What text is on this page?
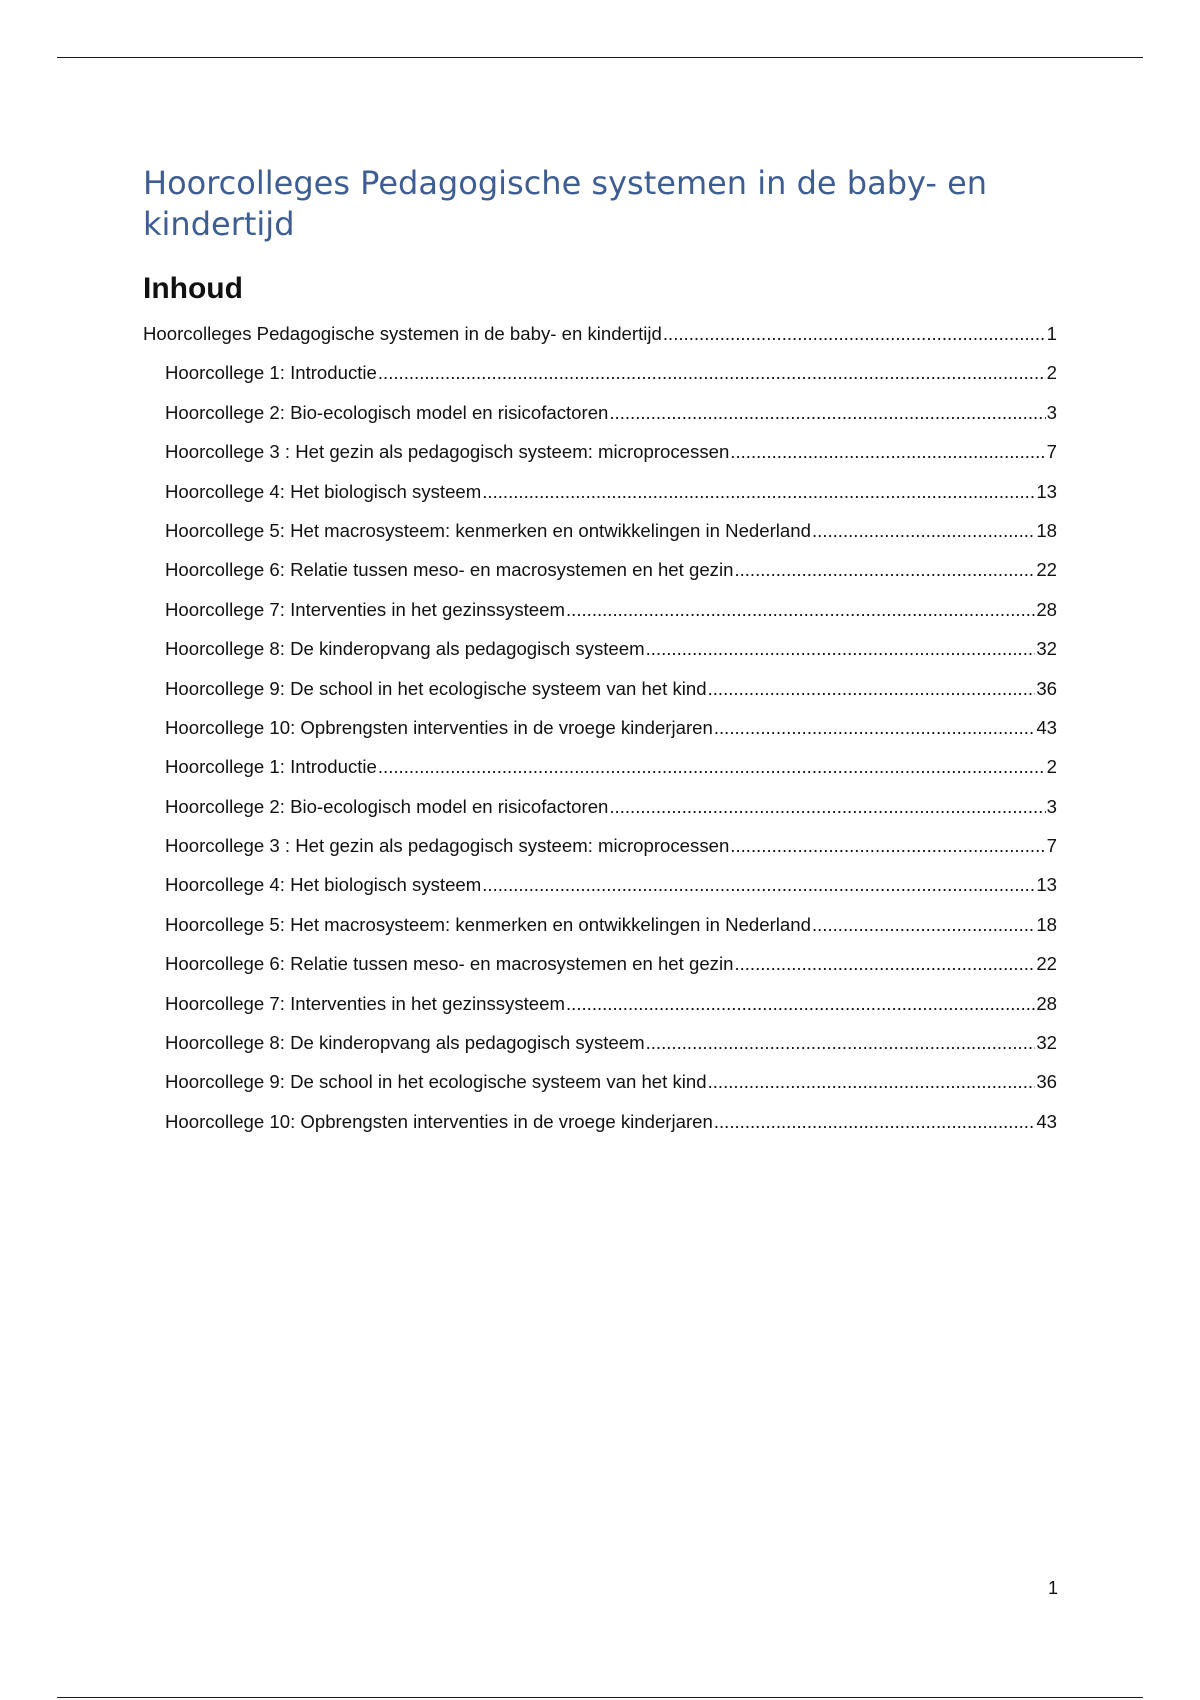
Hoorcolleges Pedagogische systemen in de baby- en kindertijd
Inhoud
Hoorcolleges Pedagogische systemen in de baby- en kindertijd .....	1
Hoorcollege 1: Introductie .....	2
Hoorcollege 2: Bio-ecologisch model en risicofactoren .....	3
Hoorcollege 3 : Het gezin als pedagogisch systeem: microprocessen .....	7
Hoorcollege 4: Het biologisch systeem .....	13
Hoorcollege 5: Het macrosysteem: kenmerken en ontwikkelingen in Nederland .....	18
Hoorcollege 6: Relatie tussen meso- en macrosystemen en het gezin .....	22
Hoorcollege 7: Interventies in het gezinssysteem .....	28
Hoorcollege 8: De kinderopvang als pedagogisch systeem .....	32
Hoorcollege 9: De school in het ecologische systeem van het kind .....	36
Hoorcollege 10: Opbrengsten interventies in de vroege kinderjaren .....	43
Hoorcollege 1: Introductie .....	2
Hoorcollege 2: Bio-ecologisch model en risicofactoren .....	3
Hoorcollege 3 : Het gezin als pedagogisch systeem: microprocessen .....	7
Hoorcollege 4: Het biologisch systeem .....	13
Hoorcollege 5: Het macrosysteem: kenmerken en ontwikkelingen in Nederland .....	18
Hoorcollege 6: Relatie tussen meso- en macrosystemen en het gezin .....	22
Hoorcollege 7: Interventies in het gezinssysteem .....	28
Hoorcollege 8: De kinderopvang als pedagogisch systeem .....	32
Hoorcollege 9: De school in het ecologische systeem van het kind .....	36
Hoorcollege 10: Opbrengsten interventies in de vroege kinderjaren .....	43
1
